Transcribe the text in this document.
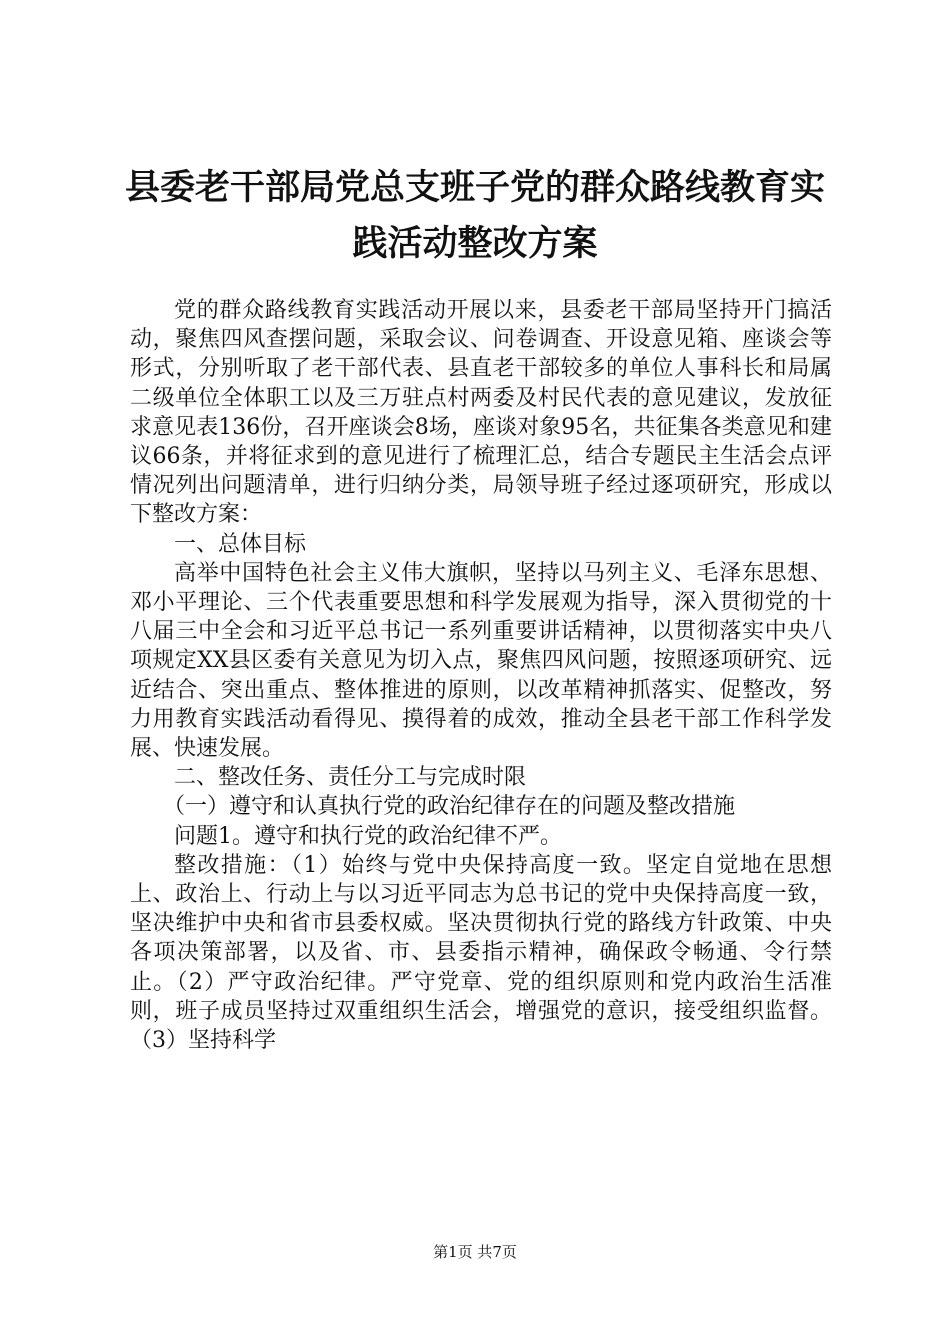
县委老干部局党总支班子党的群众路线教育实
践活动整改方案

党的群众路线教育实践活动开展以来，县委老干部局坚持开门搞活动，聚焦四风查摆问题，采取会议、问卷调查、开设意见箱、座谈会等形式，分别听取了老干部代表、县直老干部较多的单位人事科长和局属二级单位全体职工以及三万驻点村两委及村民代表的意见建议，发放征求意见表136份，召开座谈会8场，座谈对象95名，共征集各类意见和建议66条，并将征求到的意见进行了梳理汇总，结合专题民主生活会点评情况列出问题清单，进行归纳分类，局领导班子经过逐项研究，形成以下整改方案：

一、总体目标

高举中国特色社会主义伟大旗帜，坚持以马列主义、毛泽东思想、邓小平理论、三个代表重要思想和科学发展观为指导，深入贯彻党的十八届三中全会和习近平总书记一系列重要讲话精神，以贯彻落实中央八项规定XX县区委有关意见为切入点，聚焦四风问题，按照逐项研究、远近结合、突出重点、整体推进的原则，以改革精神抓落实、促整改，努力用教育实践活动看得见、摸得着的成效，推动全县老干部工作科学发展、快速发展。

二、整改任务、责任分工与完成时限

（一）遵守和认真执行党的政治纪律存在的问题及整改措施

问题1。遵守和执行党的政治纪律不严。

整改措施：（1）始终与党中央保持高度一致。坚定自觉地在思想上、政治上、行动上与以习近平同志为总书记的党中央保持高度一致，坚决维护中央和省市县委权威。坚决贯彻执行党的路线方针政策、中央各项决策部署，以及省、市、县委指示精神，确保政令畅通、令行禁止。（2）严守政治纪律。严守党章、党的组织原则和党内政治生活准则，班子成员坚持过双重组织生活会，增强党的意识，接受组织监督。（3）坚持科学

第1页 共7页
